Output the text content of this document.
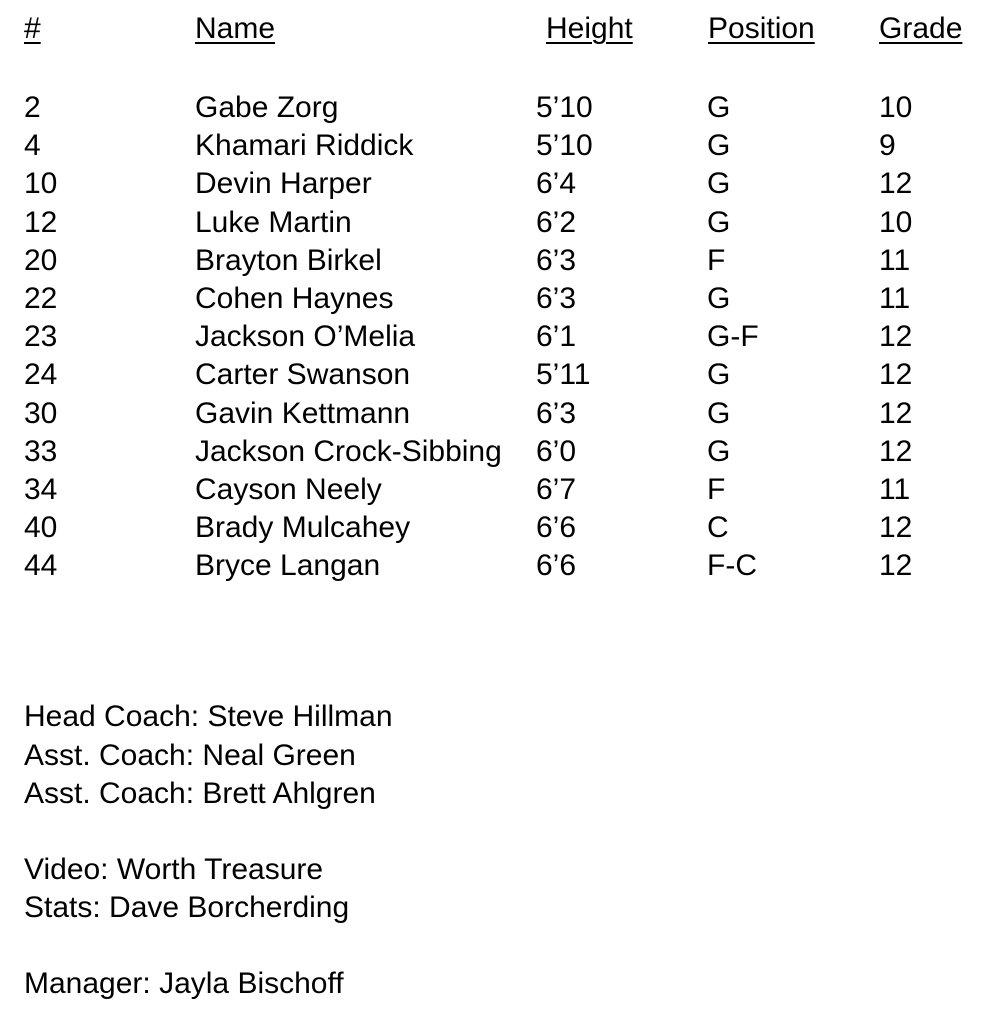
#	Name	Height	Position Grade
2	Gabe Zorg	5’10	G	10
4	Khamari Riddick	5’10	G	9
10	Devin Harper	6’4	G	12
12	Luke Martin	6’2	G	10
20	Brayton Birkel	6’3	F	11
22	Cohen Haynes	6’3	G	11
23	Jackson O’Melia	6’1	G-F	12
24	Carter Swanson	5’11	G	12
30	Gavin Kettmann	6’3	G	12
33	Jackson Crock-Sibbing 6’0	G	12
34	Cayson Neely	6’7	F	11
40	Brady Mulcahey	6’6	C	12
44	Bryce Langan	6’6	F-C	12
Head Coach: Steve Hillman
Asst. Coach: Neal Green
Asst. Coach: Brett Ahlgren
Video: Worth Treasure
Stats: Dave Borcherding
Manager: Jayla Bischoff
